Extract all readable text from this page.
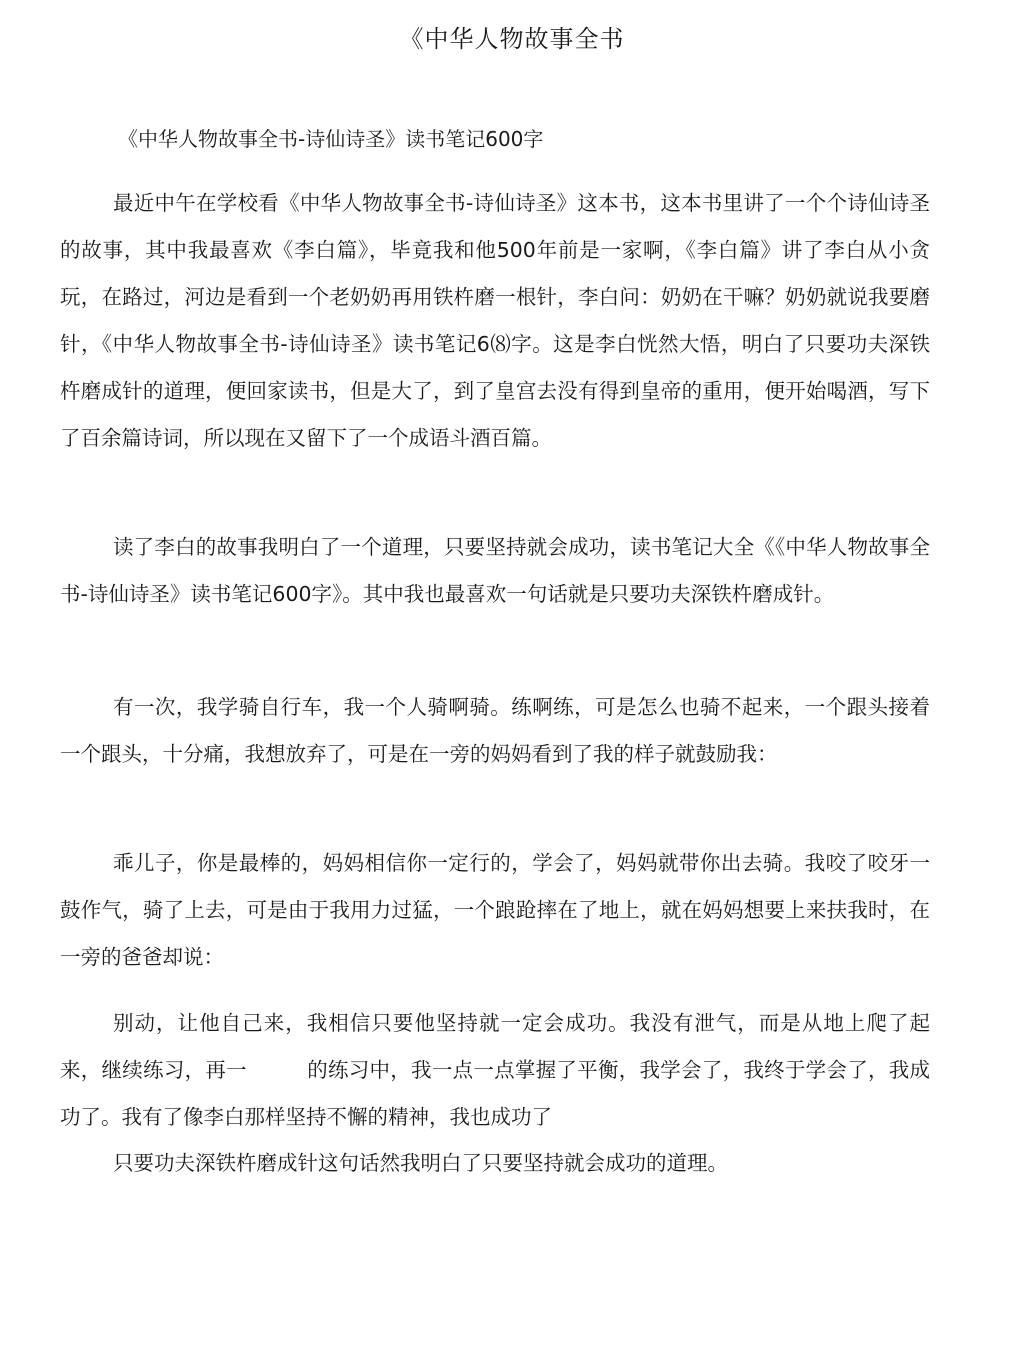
《中华人物故事全书

《中华人物故事全书-诗仙诗圣》读书笔记600字

最近中午在学校看《中华人物故事全书-诗仙诗圣》这本书，这本书里讲了一个个诗仙诗圣的故事，其中我最喜欢《李白篇》，毕竟我和他500年前是一家啊，《李白篇》讲了李白从小贪玩，在路过，河边是看到一个老奶奶再用铁杵磨一根针，李白问：奶奶在干嘛？奶奶就说我要磨针，《中华人物故事全书-诗仙诗圣》读书笔记6⑻字。这是李白恍然大悟，明白了只要功夫深铁杵磨成针的道理，便回家读书，但是大了，到了皇宫去没有得到皇帝的重用，便开始喝酒，写下了百余篇诗词，所以现在又留下了一个成语斗酒百篇。

读了李白的故事我明白了一个道理，只要坚持就会成功，读书笔记大全《《中华人物故事全书-诗仙诗圣》读书笔记600字》。其中我也最喜欢一句话就是只要功夫深铁杵磨成针。

有一次，我学骑自行车，我一个人骑啊骑。练啊练，可是怎么也骑不起来，一个跟头接着一个跟头，十分痛，我想放弃了，可是在一旁的妈妈看到了我的样子就鼓励我：

乖儿子，你是最棒的，妈妈相信你一定行的，学会了，妈妈就带你出去骑。我咬了咬牙一鼓作气，骑了上去，可是由于我用力过猛，一个踉跄摔在了地上，就在妈妈想要上来扶我时，在一旁的爸爸却说：

别动，让他自己来，我相信只要他坚持就一定会成功。我没有泄气，而是从地上爬了起来，继续练习，再一	的练习中，我一点一点掌握了平衡，我学会了，我终于学会了，我成功了。我有了像李白那样坚持不懈的精神，我也成功了

只要功夫深铁杵磨成针这句话然我明白了只要坚持就会成功的道理。
